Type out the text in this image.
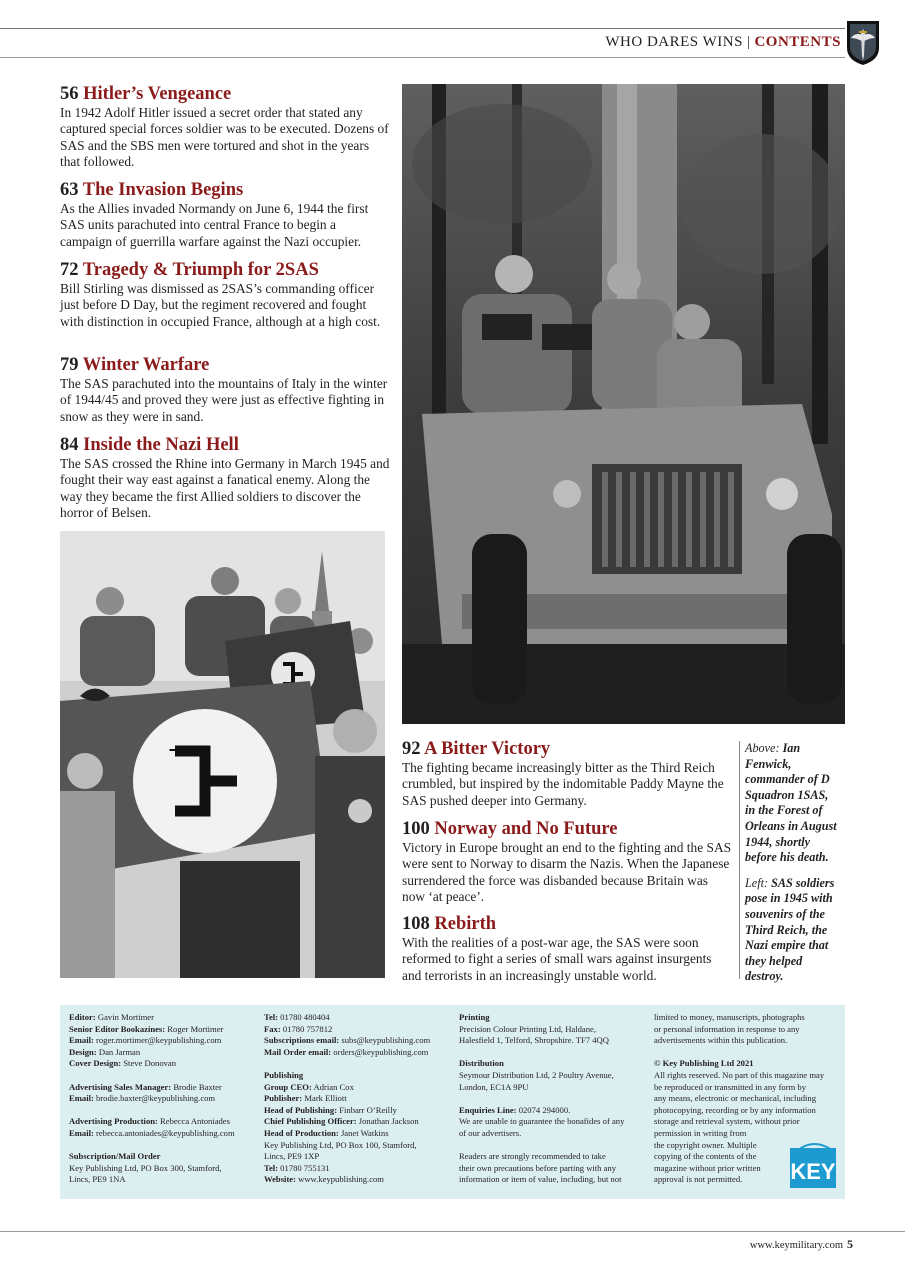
WHO DARES WINS | CONTENTS
56 Hitler’s Vengeance

In 1942 Adolf Hitler issued a secret order that stated any captured special forces soldier was to be executed. Dozens of SAS and the SBS men were tortured and shot in the years that followed.

63 The Invasion Begins

As the Allies invaded Normandy on June 6, 1944 the first SAS units parachuted into central France to begin a campaign of guerrilla warfare against the Nazi occupier.

72 Tragedy & Triumph for 2SAS

Bill Stirling was dismissed as 2SAS’s commanding officer just before D Day, but the regiment recovered and fought with distinction in occupied France, although at a high cost.

79 Winter Warfare

The SAS parachuted into the mountains of Italy in the winter of 1944/45 and proved they were just as effective fighting in snow as they were in sand.

84 Inside the Nazi Hell

The SAS crossed the Rhine into Germany in March 1945 and fought their way east against a fanatical enemy. Along the way they became the first Allied soldiers to discover the horror of Belsen.

92 A Bitter Victory

The fighting became increasingly bitter as the Third Reich crumbled, but inspired by the indomitable Paddy Mayne the SAS pushed deeper into Germany.

100 Norway and No Future

Victory in Europe brought an end to the fighting and the SAS were sent to Norway to disarm the Nazis. When the Japanese surrendered the force was disbanded because Britain was now ‘at peace’.

108 Rebirth

With the realities of a post-war age, the SAS were soon reformed to fight a series of small wars against insurgents and terrorists in an increasingly unstable world.

Above: Ian Fenwick, commander of D Squadron 1SAS, in the Forest of Orleans in August 1944, shortly before his death.
Left: SAS soldiers pose in 1945 with souvenirs of the Third Reich, the Nazi empire that they helped destroy.
Editor: Gavin Mortimer
Senior Editor Bookazines: Roger Mortimer
Email: roger.mortimer@keypublishing.com
Design: Dan Jarman
Cover Design: Steve Donovan
Advertising Sales Manager: Brodie Baxter
Email: brodie.baxter@keypublishing.com
Advertising Production: Rebecca Antoniades
Email: rebecca.antoniades@keypublishing.com
Subscription/Mail Order
Key Publishing Ltd, PO Box 300, Stamford,
Lincs, PE9 1NA
Tel: 01780 480404
Fax: 01780 757812
Subscriptions email: subs@keypublishing.com
Mail Order email: orders@keypublishing.com
Publishing
Group CEO: Adrian Cox
Publisher: Mark Elliott
Head of Publishing: Finbarr O’Reilly
Chief Publishing Officer: Jonathan Jackson
Head of Production: Janet Watkins
Key Publishing Ltd, PO Box 100, Stamford,
Lincs, PE9 1XP
Tel: 01780 755131
Website: www.keypublishing.com
Printing
Precision Colour Printing Ltd, Haldane,
Halesfield 1, Telford, Shropshire. TF7 4QQ
Distribution
Seymour Distribution Ltd, 2 Poultry Avenue,
London, EC1A 9PU
Enquiries Line: 02074 294000.
We are unable to guarantee the bonafides of any
of our advertisers.
Readers are strongly recommended to take
their own precautions before parting with any
information or item of value, including, but not
limited to money, manuscripts, photographs
or personal information in response to any
advertisements within this publication.
© Key Publishing Ltd 2021
All rights reserved. No part of this magazine may
be reproduced or transmitted in any form by
any means, electronic or mechanical, including
photocopying, recording or by any information
storage and retrieval system, without prior
permission in writing from
the copyright owner. Multiple
copying of the contents of the
magazine without prior written
approval is not permitted.	KEY
www.keymilitary.com 5
